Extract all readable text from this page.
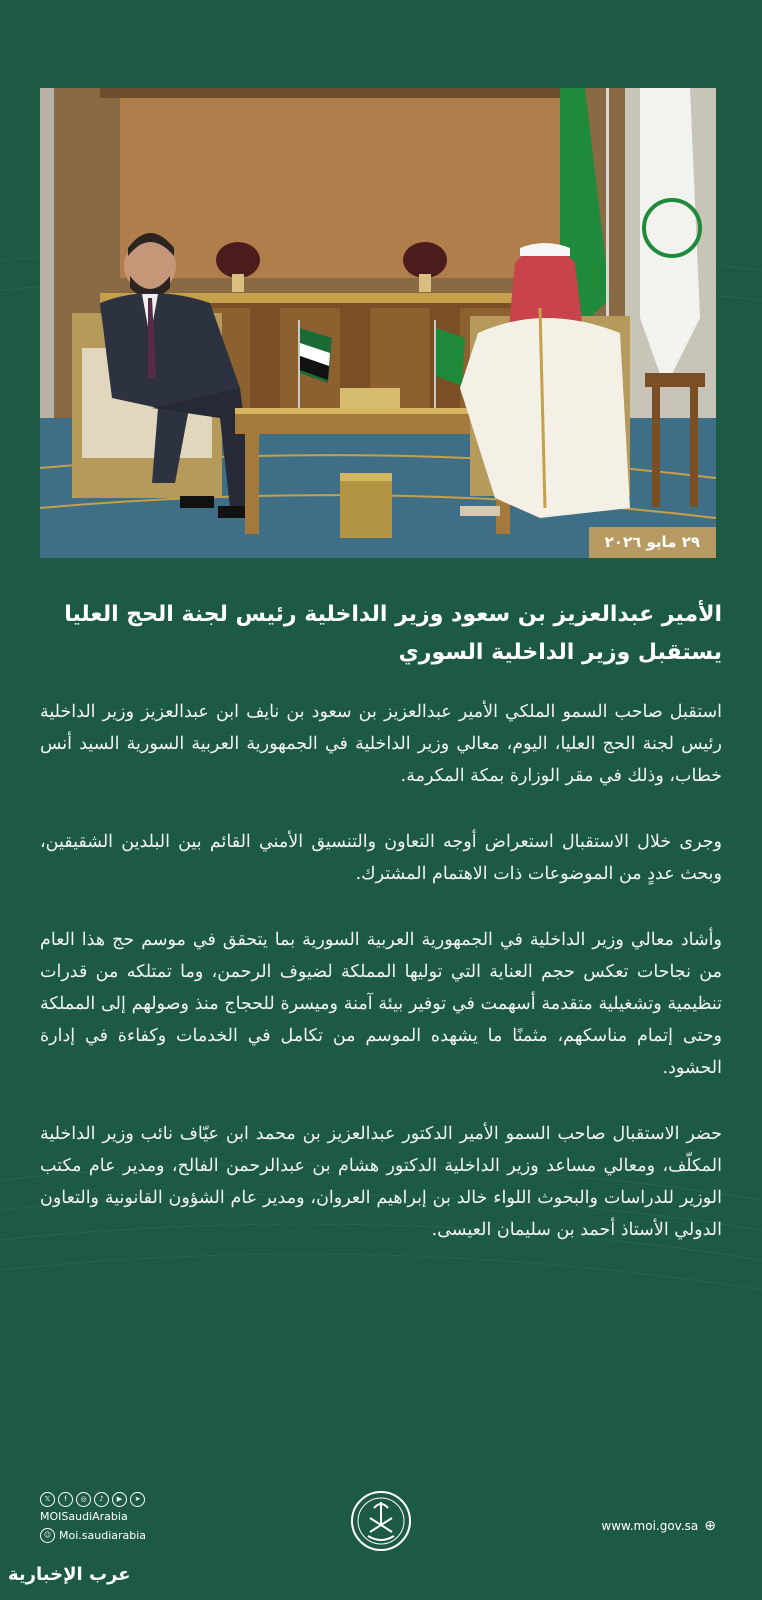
٢٩ مايو ٢٠٢٦
الأمير عبدالعزيز بن سعود وزير الداخلية رئيس لجنة الحج العليا يستقبل وزير الداخلية السوري

استقبل صاحب السمو الملكي الأمير عبدالعزيز بن سعود بن نايف ابن عبدالعزيز وزير الداخلية رئيس لجنة الحج العليا، اليوم، معالي وزير الداخلية في الجمهورية العربية السورية السيد أنس خطاب، وذلك في مقر الوزارة بمكة المكرمة.

وجرى خلال الاستقبال استعراض أوجه التعاون والتنسيق الأمني القائم بين البلدين الشقيقين، وبحث عددٍ من الموضوعات ذات الاهتمام المشترك.

وأشاد معالي وزير الداخلية في الجمهورية العربية السورية بما يتحقق في موسم حج هذا العام من نجاحات تعكس حجم العناية التي توليها المملكة لضيوف الرحمن، وما تمتلكه من قدرات تنظيمية وتشغيلية متقدمة أسهمت في توفير بيئة آمنة وميسرة للحجاج منذ وصولهم إلى المملكة وحتى إتمام مناسكهم، مثمنًا ما يشهده الموسم من تكامل في الخدمات وكفاءة في إدارة الحشود.

حضر الاستقبال صاحب السمو الأمير الدكتور عبدالعزيز بن محمد ابن عيّاف نائب وزير الداخلية المكلّف، ومعالي مساعد وزير الداخلية الدكتور هشام بن عبدالرحمن الفالح، ومدير عام مكتب الوزير للدراسات والبحوث اللواء خالد بن إبراهيم العروان، ومدير عام الشؤون القانونية والتعاون الدولي الأستاذ أحمد بن سليمان العيسى.

𝕏	f	◎	♪	▶	➤
MOISaudiArabia
☺ Moi.saudiarabia
www.moi.gov.sa ⊕
عرب الإخبارية
